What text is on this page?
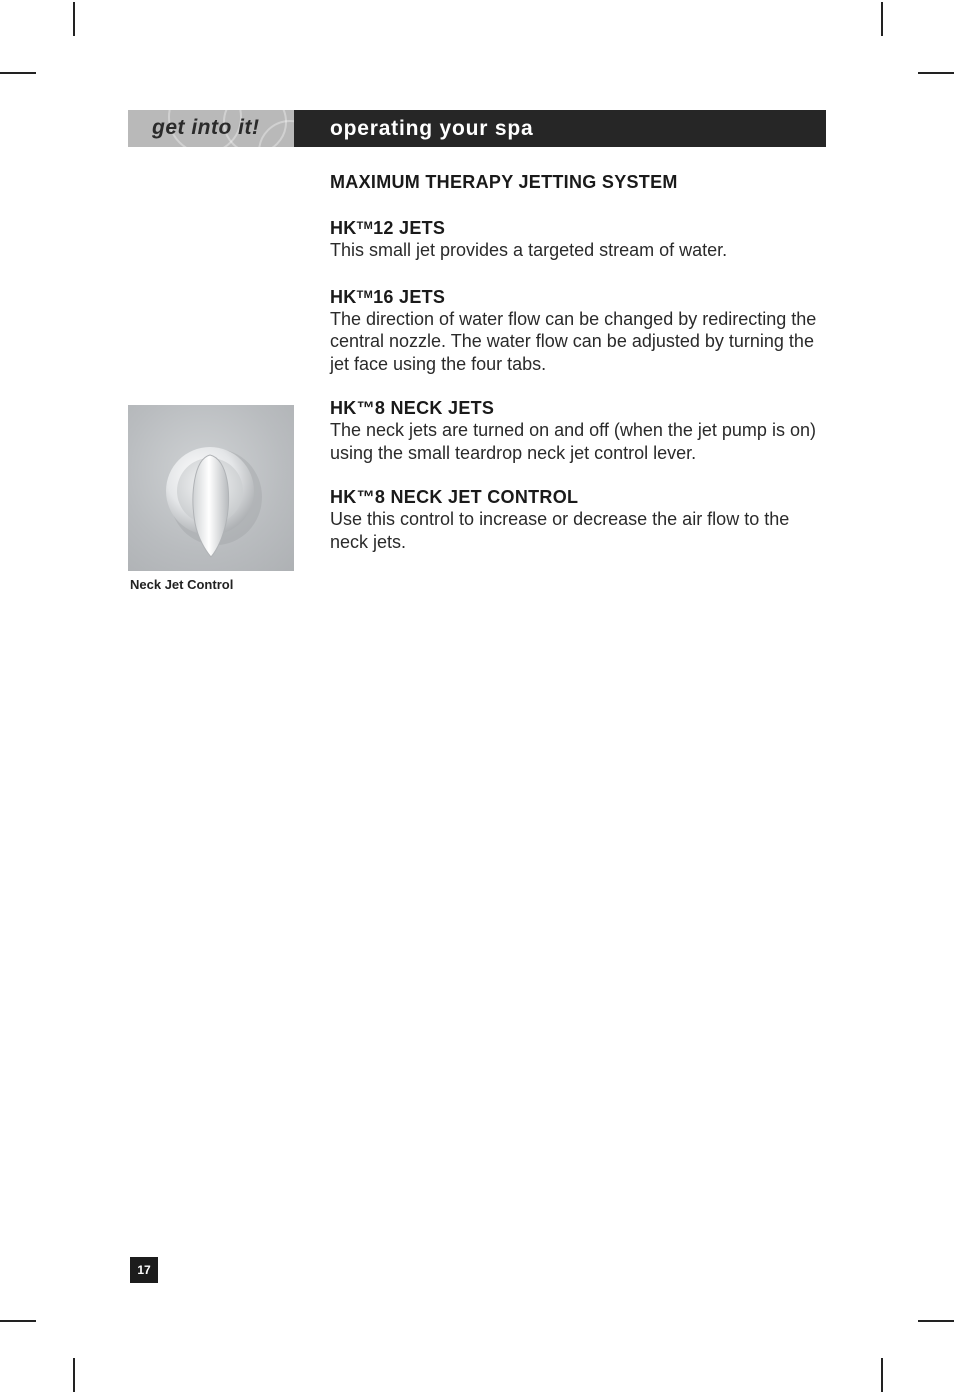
get into it!	operating your spa
MAXIMUM THERAPY JETTING SYSTEM
HK™12 JETS
This small jet provides a targeted stream of water.
HK™16 JETS
The direction of water flow can be changed by redirecting the central nozzle. The water flow can be adjusted by turning the jet face using the four tabs.
HK™8 NECK JETS
The neck jets are turned on and off (when the jet pump is on) using the small teardrop neck jet control lever.
HK™8 NECK JET CONTROL
Use this control to increase or decrease the air flow to the neck jets.
Neck Jet Control
17
